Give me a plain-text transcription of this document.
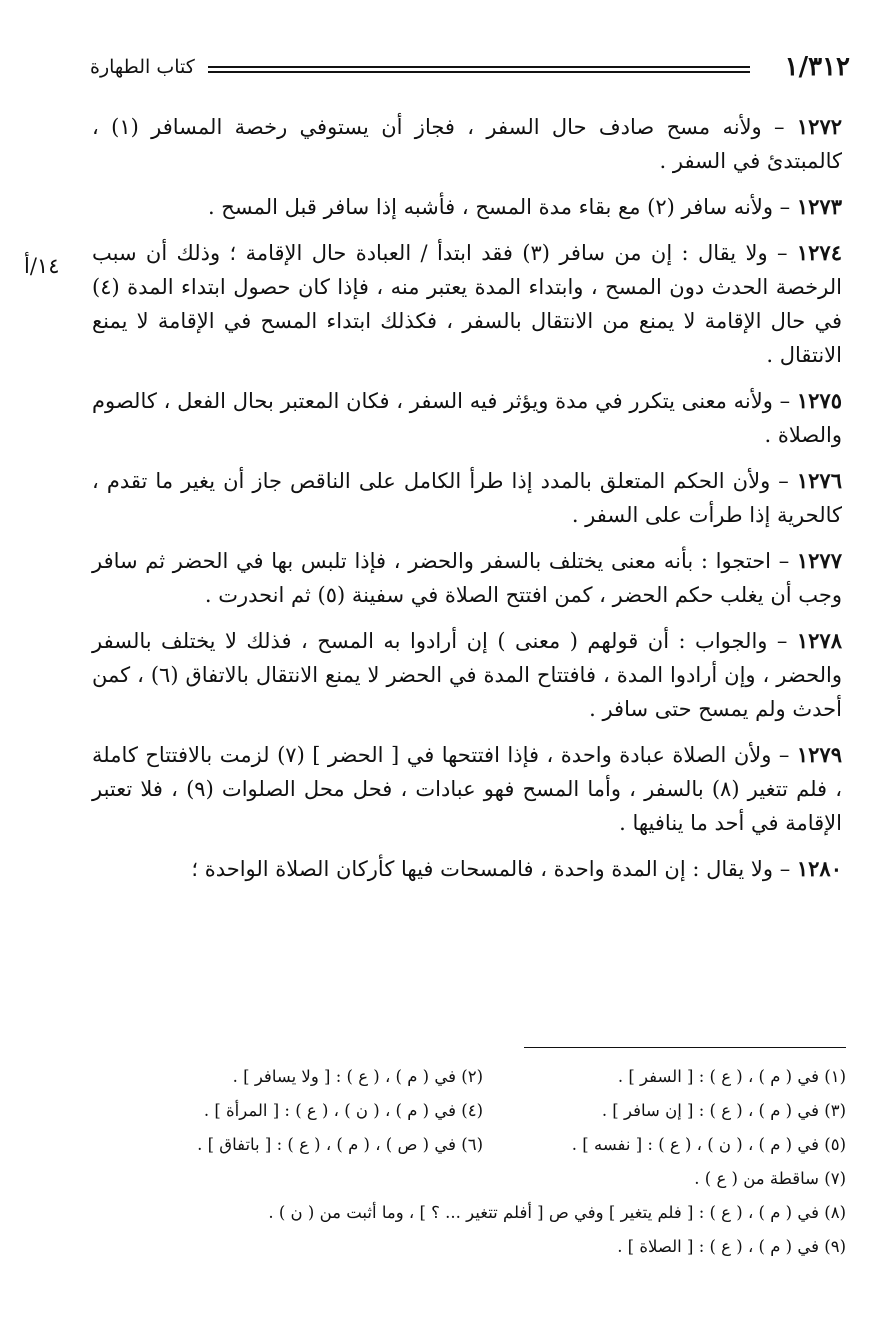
١/٣١٢
كتاب الطهارة
١٤/أ

١٢٧٢ – ولأنه مسح صادف حال السفر ، فجاز أن يستوفي رخصة المسافر (١) ، كالمبتدئ في السفر .

١٢٧٣ – ولأنه سافر (٢) مع بقاء مدة المسح ، فأشبه إذا سافر قبل المسح .

١٢٧٤ – ولا يقال : إن من سافر (٣) فقد ابتدأ / العبادة حال الإقامة ؛ وذلك أن سبب الرخصة الحدث دون المسح ، وابتداء المدة يعتبر منه ، فإذا كان حصول ابتداء المدة (٤) في حال الإقامة لا يمنع من الانتقال بالسفر ، فكذلك ابتداء المسح في الإقامة لا يمنع الانتقال .

١٢٧٥ – ولأنه معنى يتكرر في مدة ويؤثر فيه السفر ، فكان المعتبر بحال الفعل ، كالصوم والصلاة .

١٢٧٦ – ولأن الحكم المتعلق بالمدد إذا طرأ الكامل على الناقص جاز أن يغير ما تقدم ، كالحرية إذا طرأت على السفر .

١٢٧٧ – احتجوا : بأنه معنى يختلف بالسفر والحضر ، فإذا تلبس بها في الحضر ثم سافر وجب أن يغلب حكم الحضر ، كمن افتتح الصلاة في سفينة (٥) ثم انحدرت .

١٢٧٨ – والجواب : أن قولهم ( معنى ) إن أرادوا به المسح ، فذلك لا يختلف بالسفر والحضر ، وإن أرادوا المدة ، فافتتاح المدة في الحضر لا يمنع الانتقال بالاتفاق (٦) ، كمن أحدث ولم يمسح حتى سافر .

١٢٧٩ – ولأن الصلاة عبادة واحدة ، فإذا افتتحها في [ الحضر ] (٧) لزمت بالافتتاح كاملة ، فلم تتغير (٨) بالسفر ، وأما المسح فهو عبادات ، فحل محل الصلوات (٩) ، فلا تعتبر الإقامة في أحد ما ينافيها .

١٢٨٠ – ولا يقال : إن المدة واحدة ، فالمسحات فيها كأركان الصلاة الواحدة ؛

(١) في ( م ) ، ( ع ) : [ السفر ] .
(٢) في ( م ) ، ( ع ) : [ ولا يسافر ] .
(٣) في ( م ) ، ( ع ) : [ إن سافر ] .
(٤) في ( م ) ، ( ن ) ، ( ع ) : [ المرأة ] .
(٥) في ( م ) ، ( ن ) ، ( ع ) : [ نفسه ] .
(٦) في ( ص ) ، ( م ) ، ( ع ) : [ باتفاق ] .
(٧) ساقطة من ( ع ) .
(٨) في ( م ) ، ( ع ) : [ فلم يتغير ] وفي ص [ أفلم تتغير ... ؟ ] ، وما أثبت من ( ن ) .
(٩) في ( م ) ، ( ع ) : [ الصلاة ] .
